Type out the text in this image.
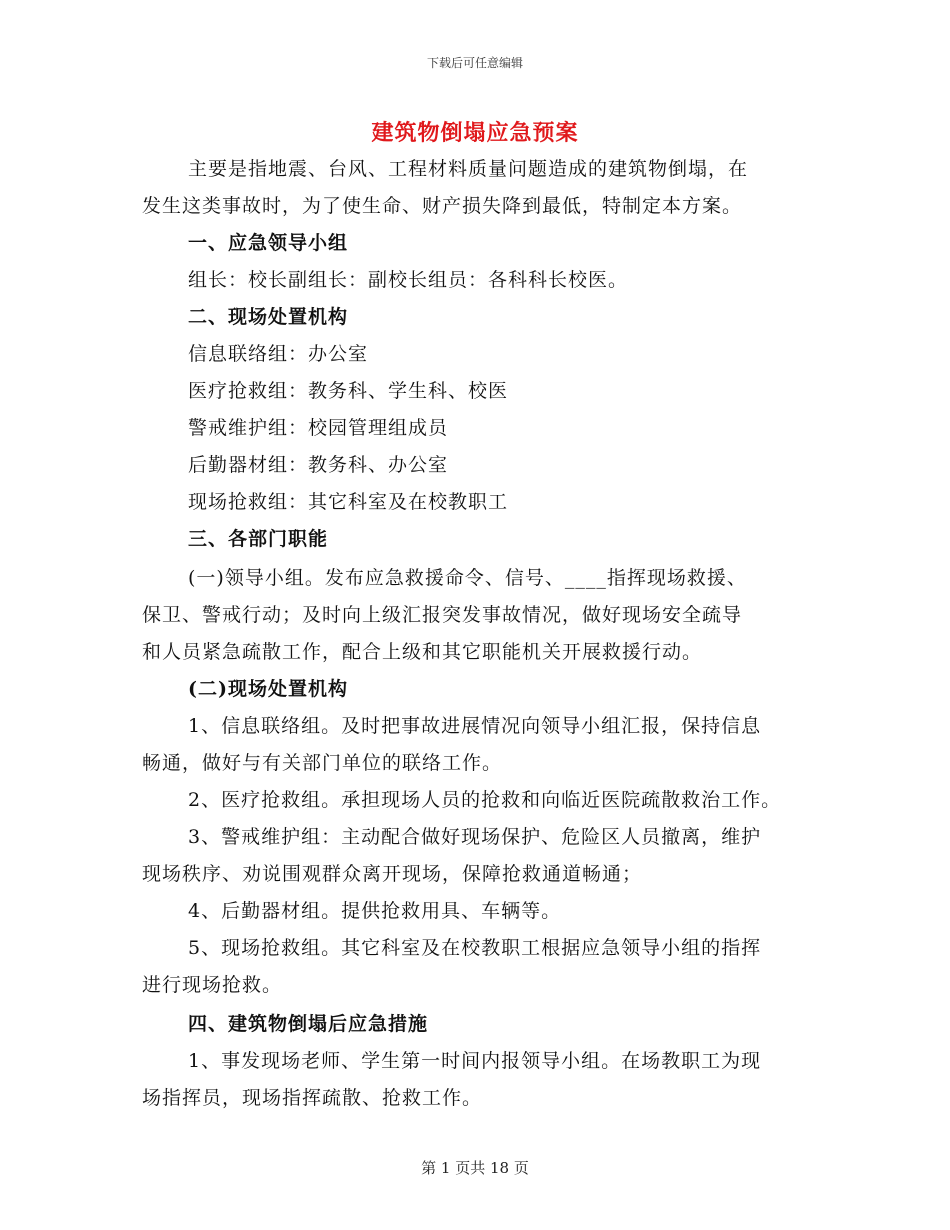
下载后可任意编辑
建筑物倒塌应急预案
主要是指地震、台风、工程材料质量问题造成的建筑物倒塌，在
发生这类事故时，为了使生命、财产损失降到最低，特制定本方案。
一、应急领导小组
组长：校长副组长：副校长组员：各科科长校医。
二、现场处置机构
信息联络组：办公室
医疗抢救组：教务科、学生科、校医
警戒维护组：校园管理组成员
后勤器材组：教务科、办公室
现场抢救组：其它科室及在校教职工
三、各部门职能
(一)领导小组。发布应急救援命令、信号、____指挥现场救援、
保卫、警戒行动；及时向上级汇报突发事故情况，做好现场安全疏导
和人员紧急疏散工作，配合上级和其它职能机关开展救援行动。
(二)现场处置机构
1、信息联络组。及时把事故进展情况向领导小组汇报，保持信息
畅通，做好与有关部门单位的联络工作。
2、医疗抢救组。承担现场人员的抢救和向临近医院疏散救治工作。
3、警戒维护组：主动配合做好现场保护、危险区人员撤离，维护
现场秩序、劝说围观群众离开现场，保障抢救通道畅通；
4、后勤器材组。提供抢救用具、车辆等。
5、现场抢救组。其它科室及在校教职工根据应急领导小组的指挥
进行现场抢救。
四、建筑物倒塌后应急措施
1、事发现场老师、学生第一时间内报领导小组。在场教职工为现
场指挥员，现场指挥疏散、抢救工作。
第 1 页共 18 页
